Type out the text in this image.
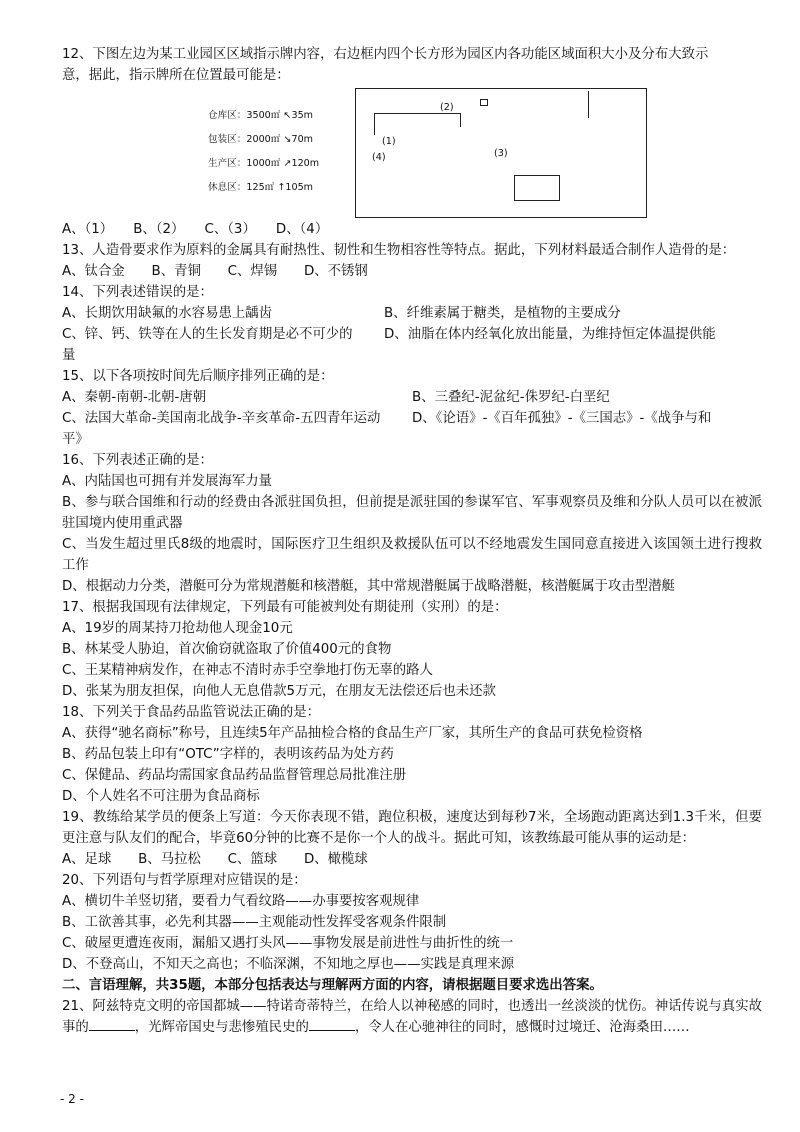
12、下图左边为某工业园区区域指示牌内容，右边框内四个长方形为园区内各功能区域面积大小及分布大致示
意，据此，指示牌所在位置最可能是：
仓库区：3500㎡ ↖35m
包装区：2000㎡ ↘70m
生产区：1000㎡ ↗120m
休息区：125㎡ ↑105m
(2)
(1)
(4)	(3)
A、（1）　　B、（2）　　C、（3）　　D、（4）
13、人造骨要求作为原料的金属具有耐热性、韧性和生物相容性等特点。据此，下列材料最适合制作人造骨的是：
A、钛合金　　B、青铜　　C、焊锡　　D、不锈钢
14、下列表述错误的是：
A、长期饮用缺氟的水容易患上龋齿	B、纤维素属于糖类，是植物的主要成分
C、锌、钙、铁等在人的生长发育期是必不可少的	D、油脂在体内经氧化放出能量，为维持恒定体温提供能
量
15、以下各项按时间先后顺序排列正确的是：
A、秦朝-南朝-北朝-唐朝	B、三叠纪-泥盆纪-侏罗纪-白垩纪
C、法国大革命-美国南北战争-辛亥革命-五四青年运动	D、《论语》-《百年孤独》-《三国志》-《战争与和
平》
16、下列表述正确的是：
A、内陆国也可拥有并发展海军力量
B、参与联合国维和行动的经费由各派驻国负担，但前提是派驻国的参谋军官、军事观察员及维和分队人员可以在被派驻国境内使用重武器
C、当发生超过里氏8级的地震时，国际医疗卫生组织及救援队伍可以不经地震发生国同意直接进入该国领土进行搜救工作
D、根据动力分类，潜艇可分为常规潜艇和核潜艇，其中常规潜艇属于战略潜艇，核潜艇属于攻击型潜艇
17、根据我国现有法律规定，下列最有可能被判处有期徒刑（实刑）的是：
A、19岁的周某持刀抢劫他人现金10元
B、林某受人胁迫，首次偷窃就盗取了价值400元的食物
C、王某精神病发作，在神志不清时赤手空拳地打伤无辜的路人
D、张某为朋友担保，向他人无息借款5万元，在朋友无法偿还后也未还款
18、下列关于食品药品监管说法正确的是：
A、获得“驰名商标”称号，且连续5年产品抽检合格的食品生产厂家，其所生产的食品可获免检资格
B、药品包装上印有“OTC”字样的，表明该药品为处方药
C、保健品、药品均需国家食品药品监督管理总局批准注册
D、个人姓名不可注册为食品商标
19、教练给某学员的便条上写道：今天你表现不错，跑位积极，速度达到每秒7米，全场跑动距离达到1.3千米，但要更注意与队友们的配合，毕竟60分钟的比赛不是你一个人的战斗。据此可知，该教练最可能从事的运动是：
A、足球　　B、马拉松　　C、篮球　　D、橄榄球
20、下列语句与哲学原理对应错误的是：
A、横切牛羊竖切猪，要看力气看纹路——办事要按客观规律
B、工欲善其事，必先利其器——主观能动性发挥受客观条件限制
C、破屋更遭连夜雨，漏船又遇打头风——事物发展是前进性与曲折性的统一
D、不登高山，不知天之高也；不临深渊，不知地之厚也——实践是真理来源
二、言语理解，共35题，本部分包括表达与理解两方面的内容，请根据题目要求选出答案。
21、阿兹特克文明的帝国都城——特诺奇蒂特兰，在给人以神秘感的同时，也透出一丝淡淡的忧伤。神话传说与真实故事的	，光辉帝国史与悲惨殖民史的	，令人在心驰神往的同时，感慨时过境迁、沧海桑田……
- 2 -
